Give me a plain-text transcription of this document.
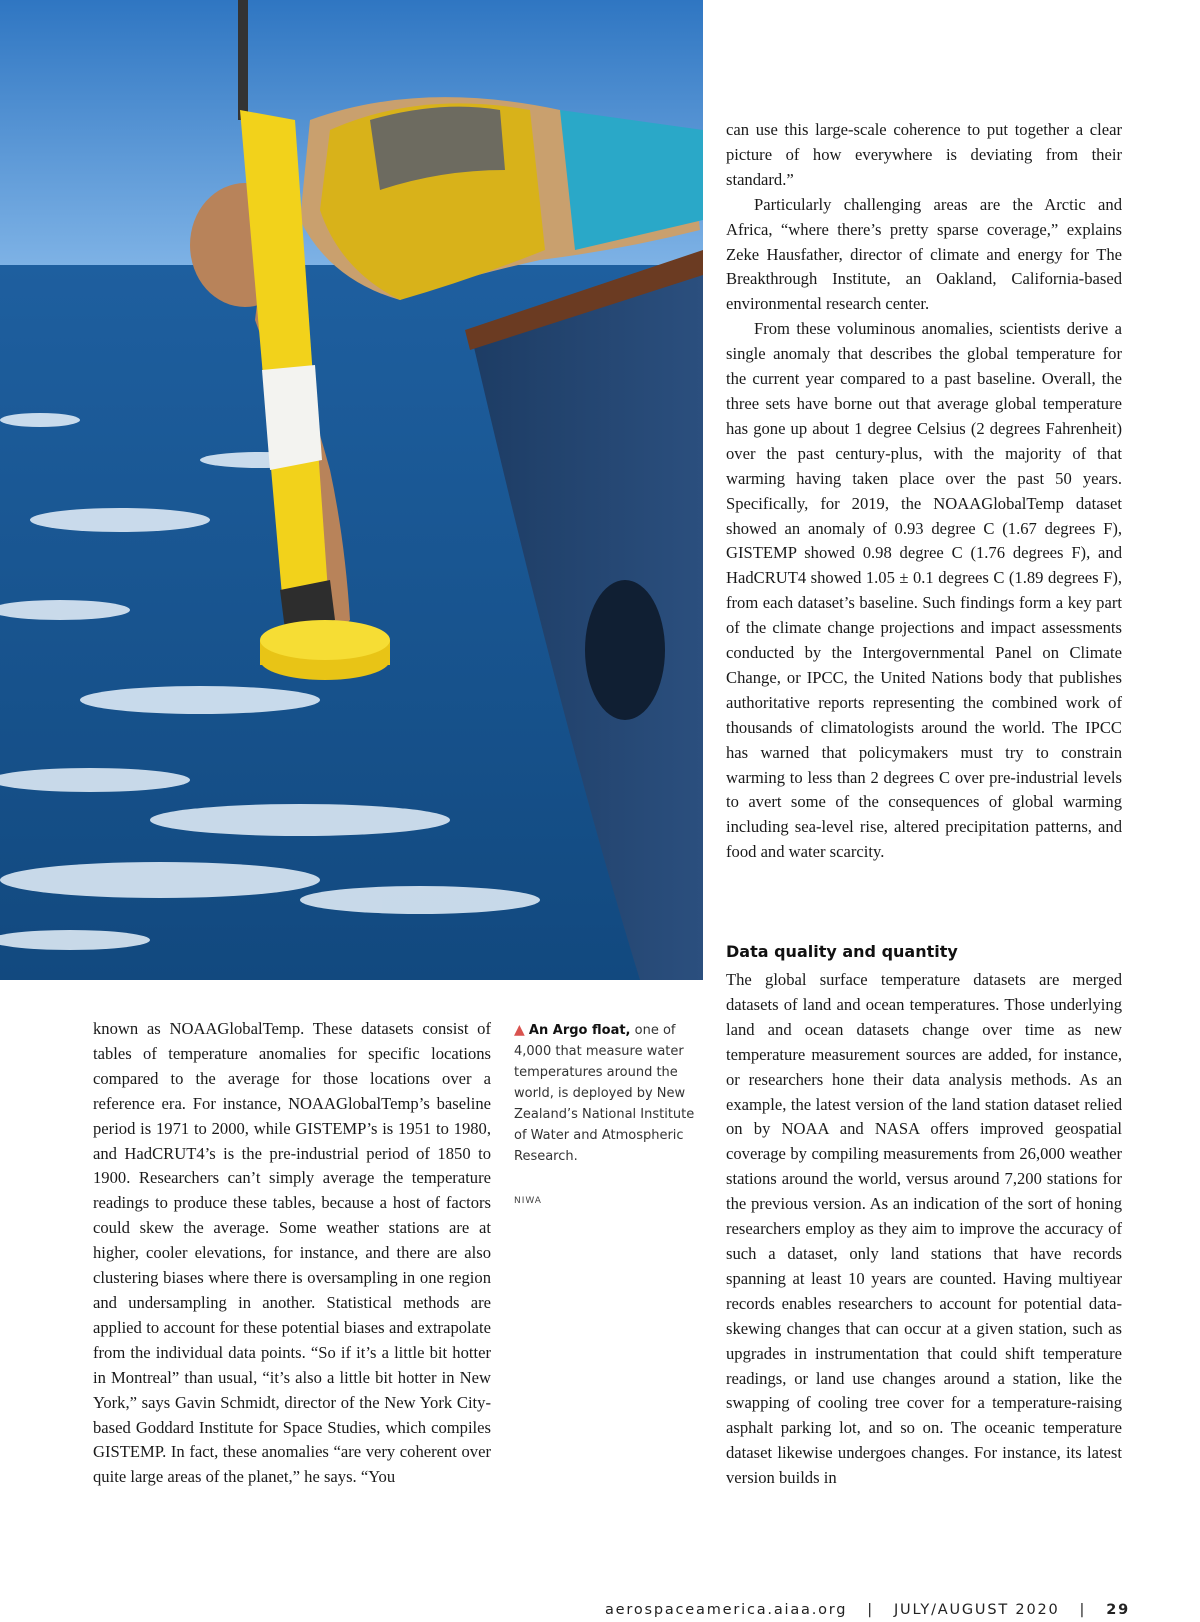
known as NOAAGlobalTemp. These datasets consist of tables of temperature anomalies for specific locations compared to the average for those locations over a reference era. For instance, NOAAGlobalTemp’s baseline period is 1971 to 2000, while GISTEMP’s is 1951 to 1980, and HadCRUT4’s is the pre-industrial period of 1850 to 1900. Researchers can’t simply average the temperature readings to produce these tables, because a host of factors could skew the average. Some weather stations are at higher, cooler elevations, for instance, and there are also clustering biases where there is oversampling in one region and undersampling in another. Statistical methods are applied to account for these potential biases and extrapolate from the individual data points. “So if it’s a little bit hotter in Montreal” than usual, “it’s also a little bit hotter in New York,” says Gavin Schmidt, director of the New York City-based Goddard Institute for Space Studies, which compiles GISTEMP. In fact, these anomalies “are very coherent over quite large areas of the planet,” he says. “You

▲ An Argo float, one of 4,000 that measure water temperatures around the world, is deployed by New Zealand’s National Institute of Water and Atmospheric Research.
NIWA

can use this large-scale coherence to put together a clear picture of how everywhere is deviating from their standard.”

Particularly challenging areas are the Arctic and Africa, “where there’s pretty sparse coverage,” explains Zeke Hausfather, director of climate and energy for The Breakthrough Institute, an Oakland, California-based environmental research center.

From these voluminous anomalies, scientists derive a single anomaly that describes the global temperature for the current year compared to a past baseline. Overall, the three sets have borne out that average global temperature has gone up about 1 degree Celsius (2 degrees Fahrenheit) over the past century-plus, with the majority of that warming having taken place over the past 50 years. Specifically, for 2019, the NOAAGlobalTemp dataset showed an anomaly of 0.93 degree C (1.67 degrees F), GISTEMP showed 0.98 degree C (1.76 degrees F), and HadCRUT4 showed 1.05 ± 0.1 degrees C (1.89 degrees F), from each dataset’s baseline. Such findings form a key part of the climate change projections and impact assessments conducted by the Intergovernmental Panel on Climate Change, or IPCC, the United Nations body that publishes authoritative reports representing the combined work of thousands of climatologists around the world. The IPCC has warned that policymakers must try to constrain warming to less than 2 degrees C over pre-industrial levels to avert some of the consequences of global warming including sea-level rise, altered precipitation patterns, and food and water scarcity.

Data quality and quantity

The global surface temperature datasets are merged datasets of land and ocean temperatures. Those underlying land and ocean datasets change over time as new temperature measurement sources are added, for instance, or researchers hone their data analysis methods. As an example, the latest version of the land station dataset relied on by NOAA and NASA offers improved geospatial coverage by compiling measurements from 26,000 weather stations around the world, versus around 7,200 stations for the previous version. As an indication of the sort of honing researchers employ as they aim to improve the accuracy of such a dataset, only land stations that have records spanning at least 10 years are counted. Having multiyear records enables researchers to account for potential data-skewing changes that can occur at a given station, such as upgrades in instrumentation that could shift temperature readings, or land use changes around a station, like the swapping of cooling tree cover for a temperature-raising asphalt parking lot, and so on. The oceanic temperature dataset likewise undergoes changes. For instance, its latest version builds in

aerospaceamerica.aiaa.org | JULY/AUGUST 2020 | 29
